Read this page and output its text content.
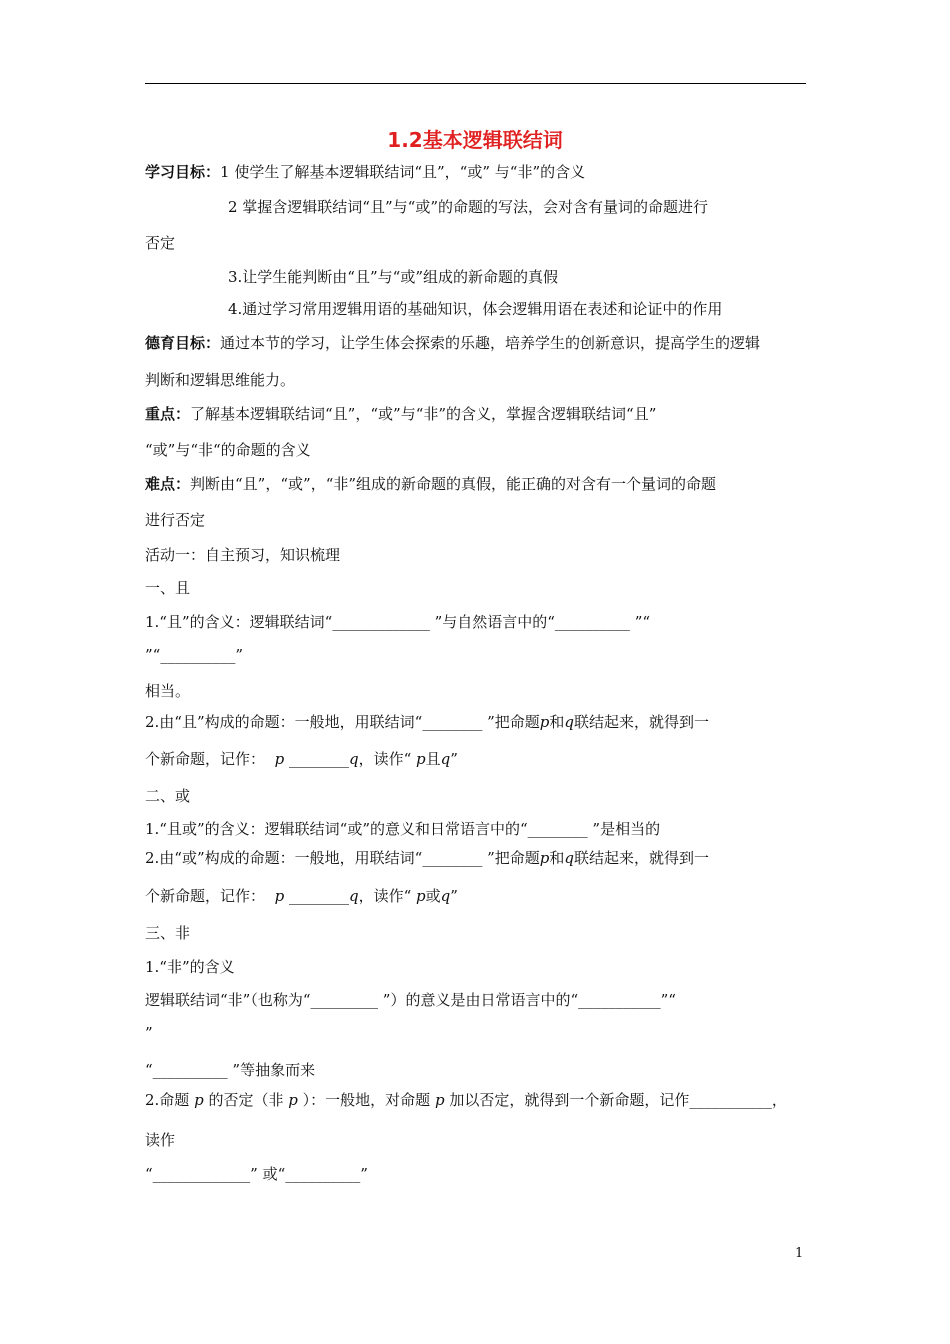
1.2基本逻辑联结词
学习目标：1 使学生了解基本逻辑联结词“且”，“或” 与“非”的含义
2 掌握含逻辑联结词“且”与“或”的命题的写法，会对含有量词的命题进行
否定
3.让学生能判断由“且”与“或”组成的新命题的真假
4.通过学习常用逻辑用语的基础知识，体会逻辑用语在表述和论证中的作用
德育目标：通过本节的学习，让学生体会探索的乐趣，培养学生的创新意识，提高学生的逻辑
判断和逻辑思维能力。
重点：了解基本逻辑联结词“且”，“或”与“非”的含义，掌握含逻辑联结词“且”
“或”与“非“的命题的含义
难点：判断由“且”，“或”，“非”组成的新命题的真假，能正确的对含有一个量词的命题
进行否定
活动一：自主预习，知识梳理
一、且
1.“且”的含义：逻辑联结词“_____________ ”与自然语言中的“__________ ”“
”“__________”
相当。
2.由“且”构成的命题：一般地，用联结词“________ ”把命题p和q联结起来，就得到一
个新命题，记作： p ________q，读作“ p且q”
二、或
1.“且或”的含义：逻辑联结词“或”的意义和日常语言中的“________ ”是相当的
2.由“或”构成的命题：一般地，用联结词“________ ”把命题p和q联结起来，就得到一
个新命题，记作： p ________q，读作“ p或q”
三、非
1.“非”的含义
逻辑联结词“非”（也称为“_________ ”）的意义是由日常语言中的“___________”“
”
“__________ ”等抽象而来
2.命题 p 的否定（非 p ）：一般地，对命题 p 加以否定，就得到一个新命题，记作___________，
读作
“_____________” 或“__________”
1
